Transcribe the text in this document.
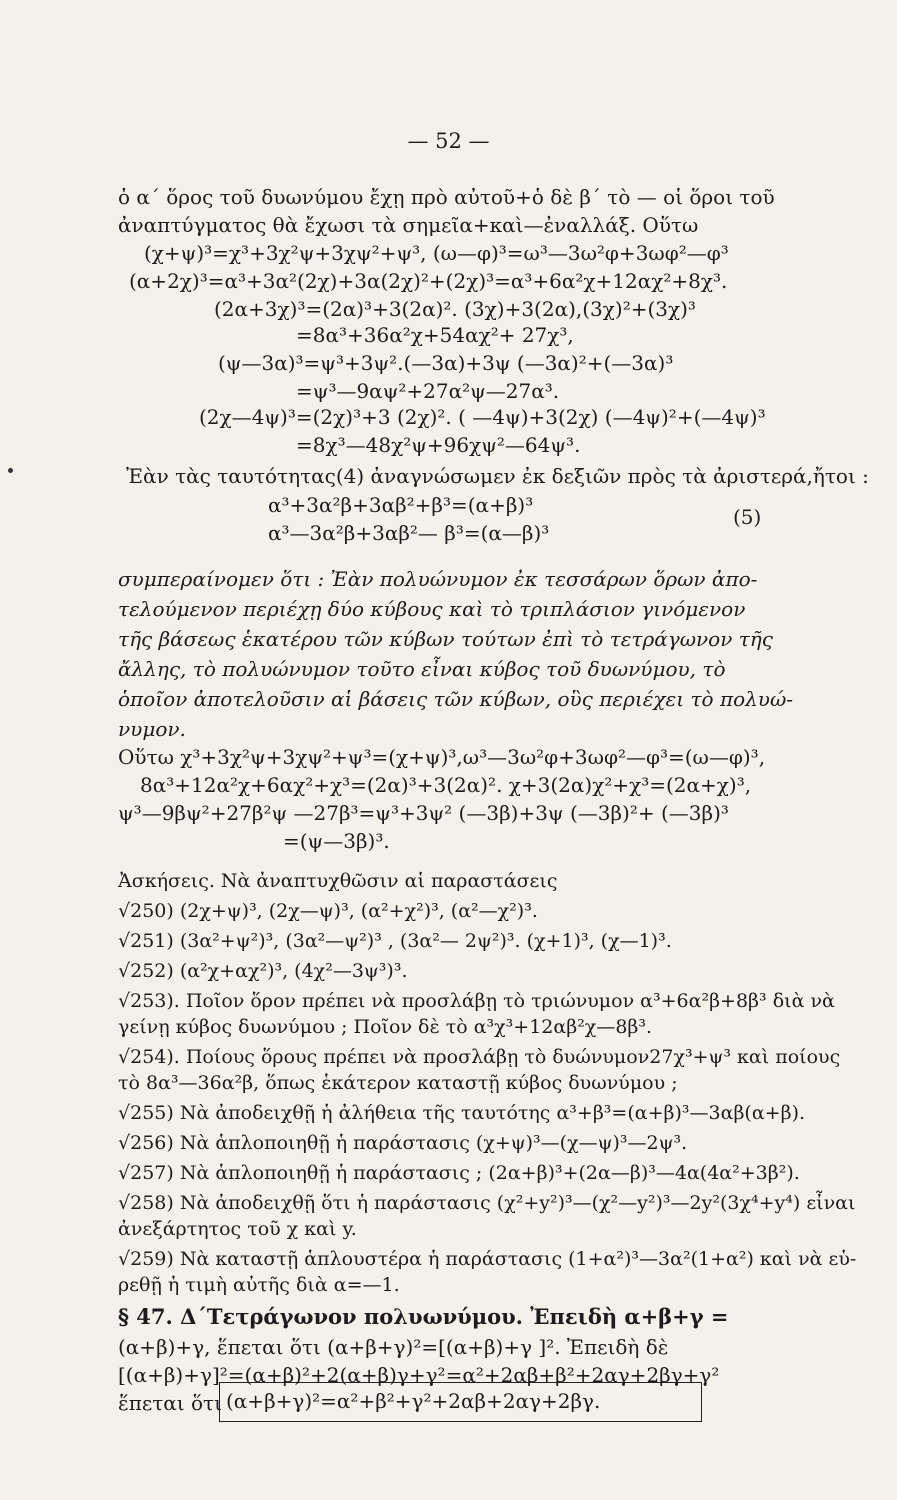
— 52 —
ὁ α΄ ὅρος τοῦ δυωνύμου ἔχῃ πρὸ αὐτοῦ+ὁ δὲ β΄ τὸ — οἱ ὅροι τοῦ
ἀναπτύγματος θὰ ἔχωσι τὰ σημεῖα+καὶ—ἐναλλάξ. Οὕτω
(χ+ψ)³=χ³+3χ²ψ+3χψ²+ψ³, (ω—φ)³=ω³—3ω²φ+3ωφ²—φ³
(α+2χ)³=α³+3α²(2χ)+3α(2χ)²+(2χ)³=α³+6α²χ+12αχ²+8χ³.
(2α+3χ)³=(2α)³+3(2α)². (3χ)+3(2α),(3χ)²+(3χ)³
=8α³+36α²χ+54αχ²+ 27χ³,
(ψ—3α)³=ψ³+3ψ².(—3α)+3ψ (—3α)²+(—3α)³
=ψ³—9αψ²+27α²ψ—27α³.
(2χ—4ψ)³=(2χ)³+3 (2χ)². ( —4ψ)+3(2χ) (—4ψ)²+(—4ψ)³
=8χ³—48χ²ψ+96χψ²—64ψ³.
Ἐὰν τὰς ταυτότητας(4) ἀναγνώσωμεν ἐκ δεξιῶν πρὸς τὰ ἀριστερά,ἤτοι :
α³+3α²β+3αβ²+β³=(α+β)³
α³—3α²β+3αβ²— β³=(α—β)³
(5)
συμπεραίνομεν ὅτι : Ἐὰν πολυώνυμον ἐκ τεσσάρων ὅρων ἀπο-
τελούμενον περιέχῃ δύο κύβους καὶ τὸ τριπλάσιον γινόμενον
τῆς βάσεως ἑκατέρου τῶν κύβων τούτων ἐπὶ τὸ τετράγωνον τῆς
ἄλλης, τὸ πολυώνυμον τοῦτο εἶναι κύβος τοῦ δυωνύμου, τὸ
ὁποῖον ἀποτελοῦσιν αἱ βάσεις τῶν κύβων, οὓς περιέχει τὸ πολυώ-
νυμον.
Οὕτω χ³+3χ²ψ+3χψ²+ψ³=(χ+ψ)³,ω³—3ω²φ+3ωφ²—φ³=(ω—φ)³,
8α³+12α²χ+6αχ²+χ³=(2α)³+3(2α)². χ+3(2α)χ²+χ³=(2α+χ)³,
ψ³—9βψ²+27β²ψ —27β³=ψ³+3ψ² (—3β)+3ψ (—3β)²+ (—3β)³
=(ψ—3β)³.
Ἀσκήσεις. Νὰ ἀναπτυχθῶσιν αἱ παραστάσεις
√250) (2χ+ψ)³, (2χ—ψ)³, (α²+χ²)³, (α²—χ²)³.
√251) (3α²+ψ²)³, (3α²—ψ²)³ , (3α²— 2ψ²)³. (χ+1)³, (χ—1)³.
√252) (α²χ+αχ²)³, (4χ²—3ψ³)³.
√253). Ποῖον ὅρον πρέπει νὰ προσλάβῃ τὸ τριώνυμον α³+6α²β+8β³ διὰ νὰ
γείνῃ κύβος δυωνύμου ; Ποῖον δὲ τὸ α³χ³+12αβ²χ—8β³.
√254). Ποίους ὅρους πρέπει νὰ προσλάβῃ τὸ δυώνυμον27χ³+ψ³ καὶ ποίους
τὸ 8α³—36α²β, ὅπως ἑκάτερον καταστῇ κύβος δυωνύμου ;
√255) Νὰ ἀποδειχθῇ ἡ ἀλήθεια τῆς ταυτότης α³+β³=(α+β)³—3αβ(α+β).
√256) Νὰ ἁπλοποιηθῇ ἡ παράστασις (χ+ψ)³—(χ—ψ)³—2ψ³.
√257) Νὰ ἁπλοποιηθῇ ἡ παράστασις ; (2α+β)³+(2α—β)³—4α(4α²+3β²).
√258) Νὰ ἀποδειχθῇ ὅτι ἡ παράστασις (χ²+y²)³—(χ²—y²)³—2y²(3χ⁴+y⁴) εἶναι
ἀνεξάρτητος τοῦ χ καὶ y.
√259) Νὰ καταστῇ ἁπλουστέρα ἡ παράστασις (1+α²)³—3α²(1+α²) καὶ νὰ εὑ-
ρεθῇ ἡ τιμὴ αὐτῆς διὰ α=—1.
§ 47. Δ΄Τετράγωνον πολυωνύμου. Ἐπειδὴ α+β+γ =
(α+β)+γ, ἕπεται ὅτι (α+β+γ)²=[(α+β)+γ ]². Ἐπειδὴ δὲ
[(α+β)+γ]²=(α+β)²+2(α+β)γ+γ²=α²+2αβ+β²+2αγ+2βγ+γ²
ἕπεται ὅτι (α+β+γ)²=α²+β²+γ²+2αβ+2αγ+2βγ.
